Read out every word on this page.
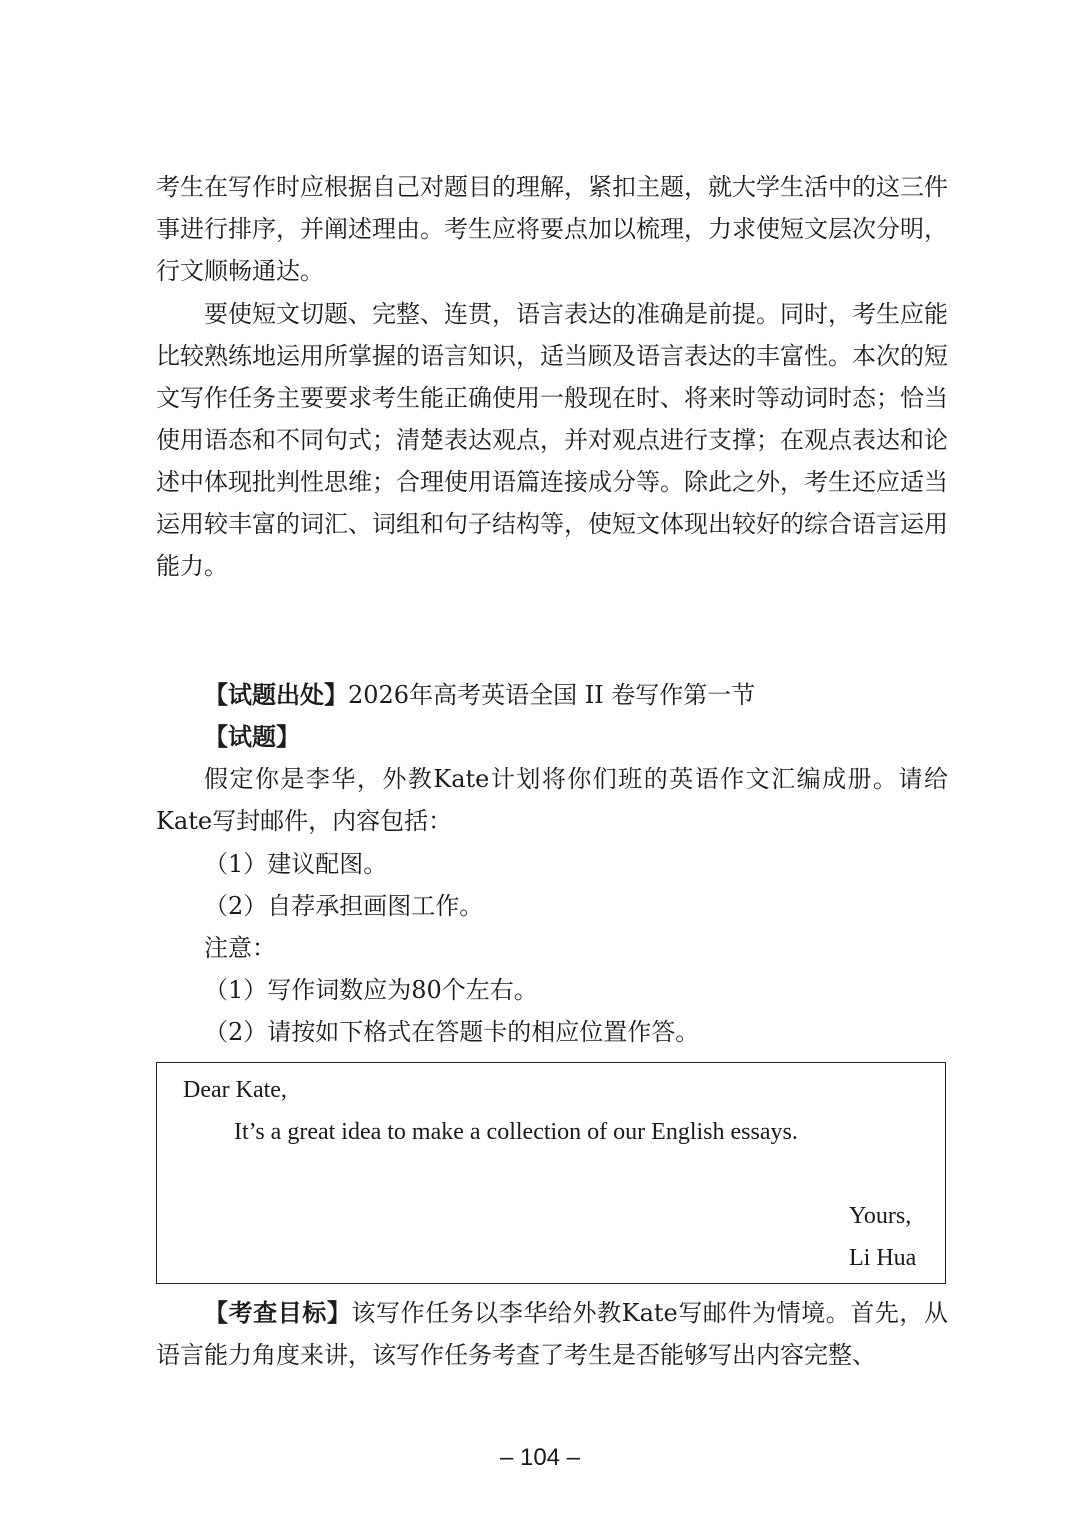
考生在写作时应根据自己对题目的理解，紧扣主题，就大学生活中的这三件事进行排序，并阐述理由。考生应将要点加以梳理，力求使短文层次分明，行文顺畅通达。

要使短文切题、完整、连贯，语言表达的准确是前提。同时，考生应能比较熟练地运用所掌握的语言知识，适当顾及语言表达的丰富性。本次的短文写作任务主要要求考生能正确使用一般现在时、将来时等动词时态；恰当使用语态和不同句式；清楚表达观点，并对观点进行支撑；在观点表达和论述中体现批判性思维；合理使用语篇连接成分等。除此之外，考生还应适当运用较丰富的词汇、词组和句子结构等，使短文体现出较好的综合语言运用能力。

【试题出处】2026年高考英语全国 II 卷写作第一节
【试题】

假定你是李华，外教Kate计划将你们班的英语作文汇编成册。请给Kate写封邮件，内容包括：

（1）建议配图。
（2）自荐承担画图工作。
注意：
（1）写作词数应为80个左右。
（2）请按如下格式在答题卡的相应位置作答。
Dear Kate,
It’s a great idea to make a collection of our English essays.
Yours,
Li Hua

【考查目标】该写作任务以李华给外教Kate写邮件为情境。首先，从语言能力角度来讲，该写作任务考查了考生是否能够写出内容完整、

– 104 –
